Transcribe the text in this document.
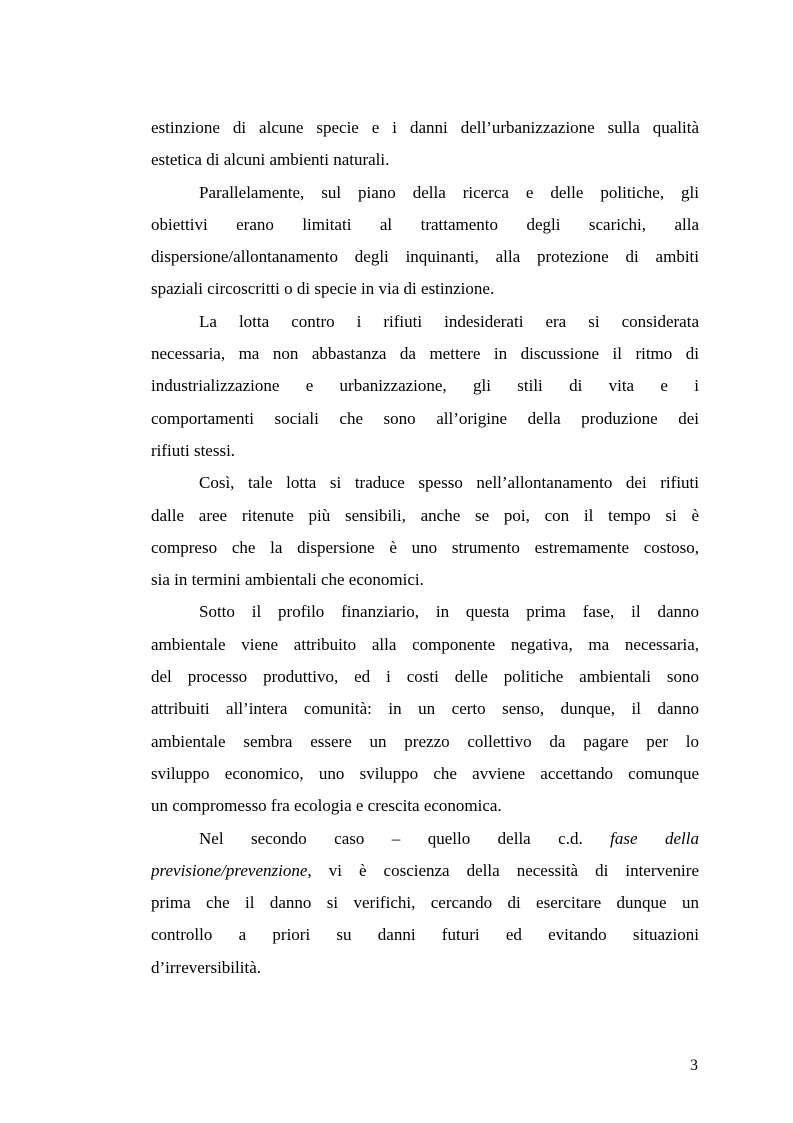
estinzione di alcune specie e i danni dell’urbanizzazione sulla qualità
estetica di alcuni ambienti naturali.
Parallelamente, sul piano della ricerca e delle politiche, gli
obiettivi erano limitati al trattamento degli scarichi, alla
dispersione/allontanamento degli inquinanti, alla protezione di ambiti
spaziali circoscritti o di specie in via di estinzione.
La lotta contro i rifiuti indesiderati era si considerata
necessaria, ma non abbastanza da mettere in discussione il ritmo di
industrializzazione e urbanizzazione, gli stili di vita e i
comportamenti sociali che sono all’origine della produzione dei
rifiuti stessi.
Così, tale lotta si traduce spesso nell’allontanamento dei rifiuti
dalle aree ritenute più sensibili, anche se poi, con il tempo si è
compreso che la dispersione è uno strumento estremamente costoso,
sia in termini ambientali che economici.
Sotto il profilo finanziario, in questa prima fase, il danno
ambientale viene attribuito alla componente negativa, ma necessaria,
del processo produttivo, ed i costi delle politiche ambientali sono
attribuiti all’intera comunità: in un certo senso, dunque, il danno
ambientale sembra essere un prezzo collettivo da pagare per lo
sviluppo economico, uno sviluppo che avviene accettando comunque
un compromesso fra ecologia e crescita economica.
Nel secondo caso – quello della c.d. fase della
previsione/prevenzione, vi è coscienza della necessità di intervenire
prima che il danno si verifichi, cercando di esercitare dunque un
controllo a priori su danni futuri ed evitando situazioni
d’irreversibilità.
3
